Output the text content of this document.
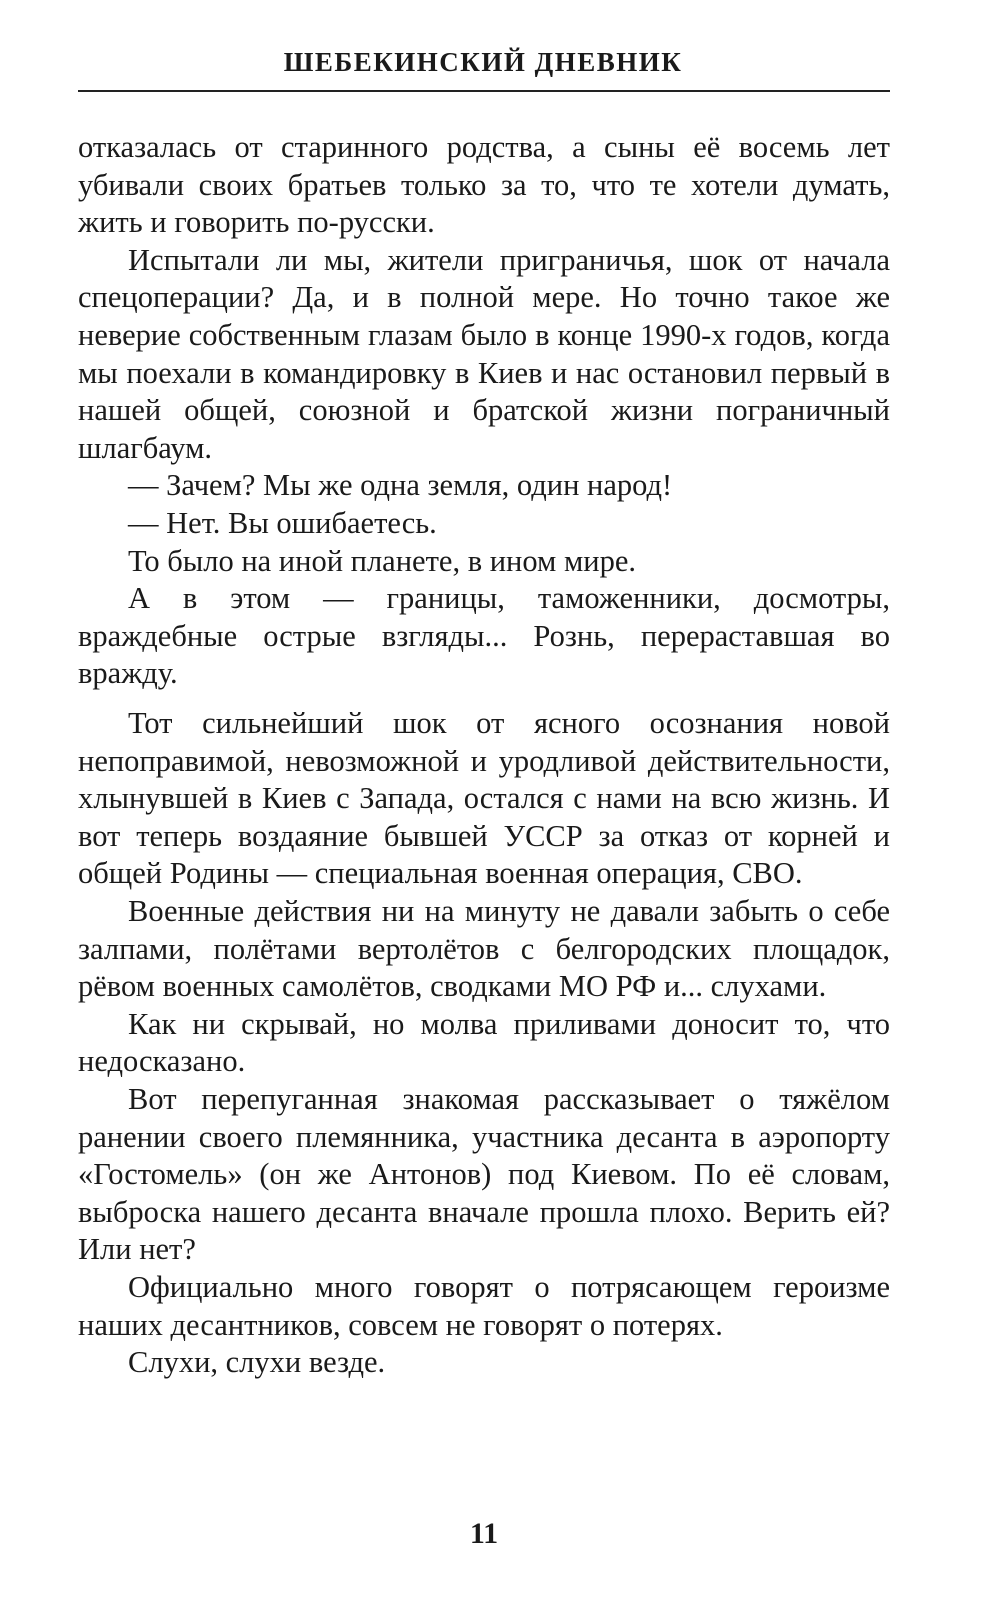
ШЕБЕКИНСКИЙ ДНЕВНИК

отказалась от старинного родства, а сыны её восемь лет убивали своих братьев только за то, что те хотели думать, жить и говорить по-русски.

Испытали ли мы, жители приграничья, шок от начала спецоперации? Да, и в полной мере. Но точно такое же неверие собственным глазам было в конце 1990-х годов, когда мы поехали в командировку в Киев и нас остановил первый в нашей общей, союзной и братской жизни пограничный шлагбаум.

— Зачем? Мы же одна земля, один народ!

— Нет. Вы ошибаетесь.

То было на иной планете, в ином мире.

А в этом — границы, таможенники, досмотры, враждебные острые взгляды... Рознь, перераставшая во вражду.

Тот сильнейший шок от ясного осознания новой непоправимой, невозможной и уродливой действительности, хлынувшей в Киев с Запада, остался с нами на всю жизнь. И вот теперь воздаяние бывшей УССР за отказ от корней и общей Родины — специальная военная операция, СВО.

Военные действия ни на минуту не давали забыть о себе залпами, полётами вертолётов с белгородских площадок, рёвом военных самолётов, сводками МО РФ и... слухами.

Как ни скрывай, но молва приливами доносит то, что недосказано.

Вот перепуганная знакомая рассказывает о тяжёлом ранении своего племянника, участника десанта в аэропорту «Гостомель» (он же Антонов) под Киевом. По её словам, выброска нашего десанта вначале прошла плохо. Верить ей? Или нет?

Официально много говорят о потрясающем героизме наших десантников, совсем не говорят о потерях.

Слухи, слухи везде.

11
